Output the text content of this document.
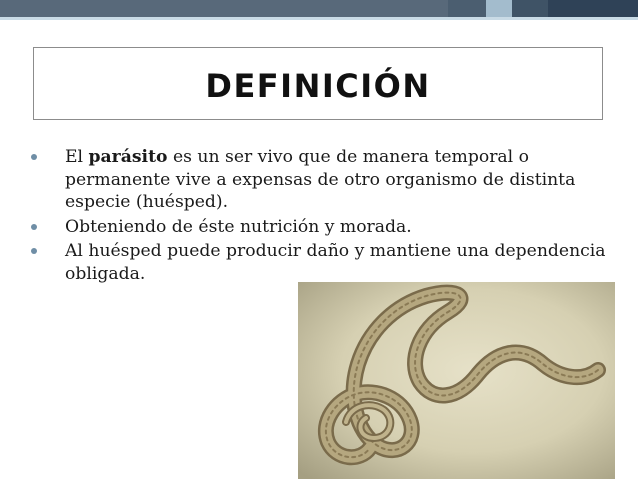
DEFINICIÓN
El parásito es un ser vivo que de manera temporal o permanente vive a expensas de otro organismo de distinta especie (huésped).
Obteniendo de éste nutrición y morada.
Al huésped puede producir daño y mantiene una dependencia obligada.
